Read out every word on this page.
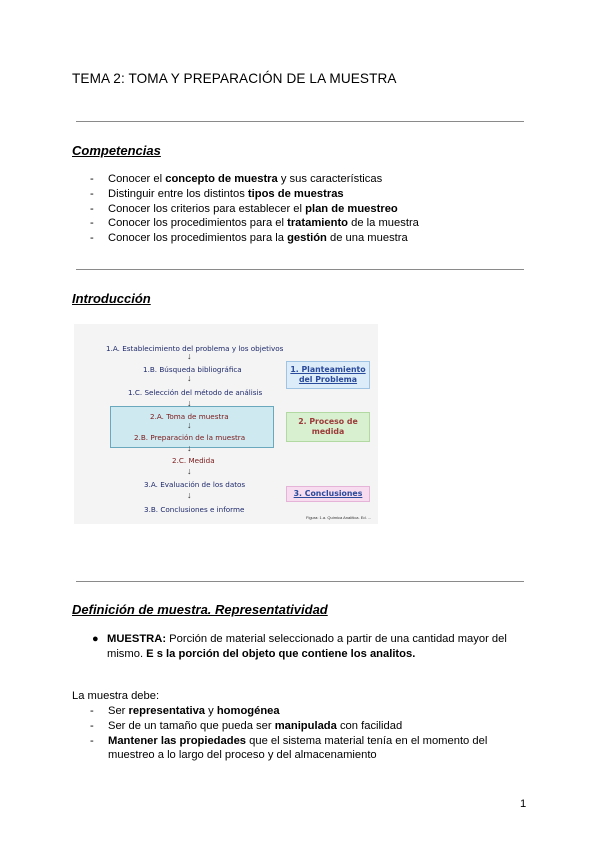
TEMA 2: TOMA Y PREPARACIÓN DE LA MUESTRA
Competencias
- Conocer el concepto de muestra y sus características
- Distinguir entre los distintos tipos de muestras
- Conocer los criterios para establecer el plan de muestreo
- Conocer los procedimientos para el tratamiento de la muestra
- Conocer los procedimientos para la gestión de una muestra
Introducción
1.A. Establecimiento del problema y los objetivos
↓
1.B. Búsqueda bibliográfica
↓
1.C. Selección del método de análisis
↓
2.A. Toma de muestra
↓
2.B. Preparación de la muestra
↓
2.C. Medida
↓
3.A. Evaluación de los datos
↓
3.B. Conclusiones e informe
1. Planteamiento
del Problema
2. Proceso de
medida
3. Conclusiones
Figura: 1.a. Química Analítica. Ed. ...
Definición de muestra. Representatividad
● MUESTRA: Porción de material seleccionado a partir de una cantidad mayor del mismo. E s la porción del objeto que contiene los analitos.
La muestra debe:
- Ser representativa y homogénea
- Ser de un tamaño que pueda ser manipulada con facilidad
- Mantener las propiedades que el sistema material tenía en el momento del muestreo a lo largo del proceso y del almacenamiento
1
